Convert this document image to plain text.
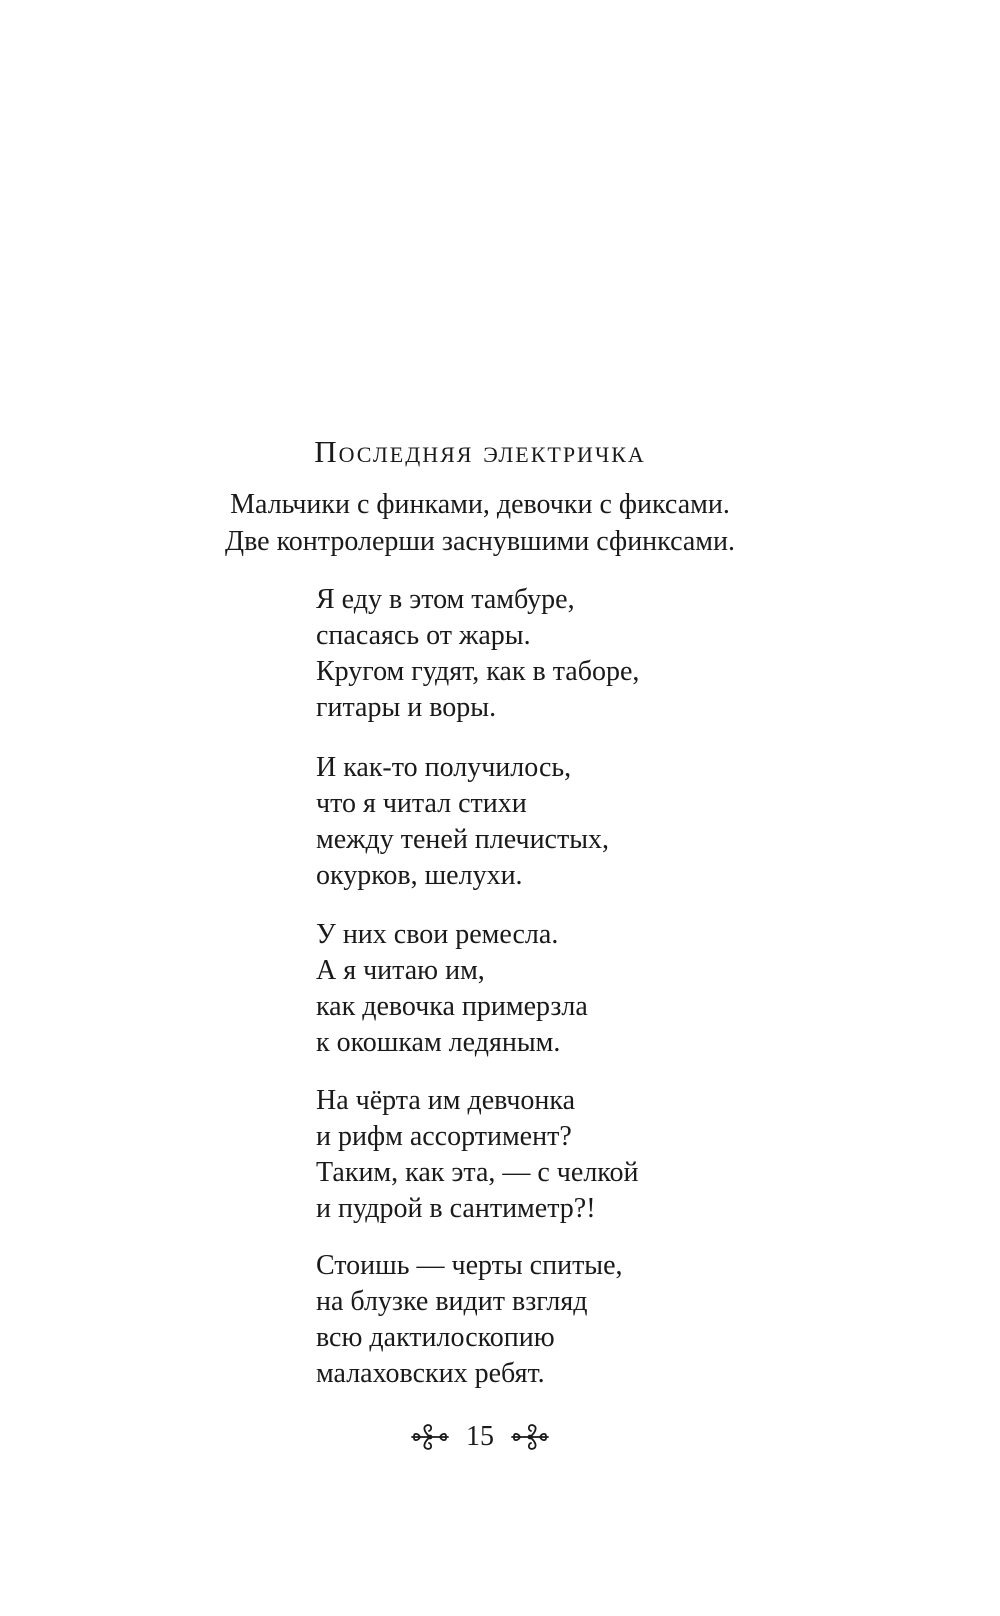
Последняя электричка
Мальчики с финками, девочки с фиксами.
Две контролерши заснувшими сфинксами.
Я еду в этом тамбуре,
спасаясь от жары.
Кругом гудят, как в таборе,
гитары и воры.
И как-то получилось,
что я читал стихи
между теней плечистых,
окурков, шелухи.
У них свои ремесла.
А я читаю им,
как девочка примерзла
к окошкам ледяным.
На чёрта им девчонка
и рифм ассортимент?
Таким, как эта, — с челкой
и пудрой в сантиметр?!
Стоишь — черты спитые,
на блузке видит взгляд
всю дактилоскопию
малаховских ребят.
15
